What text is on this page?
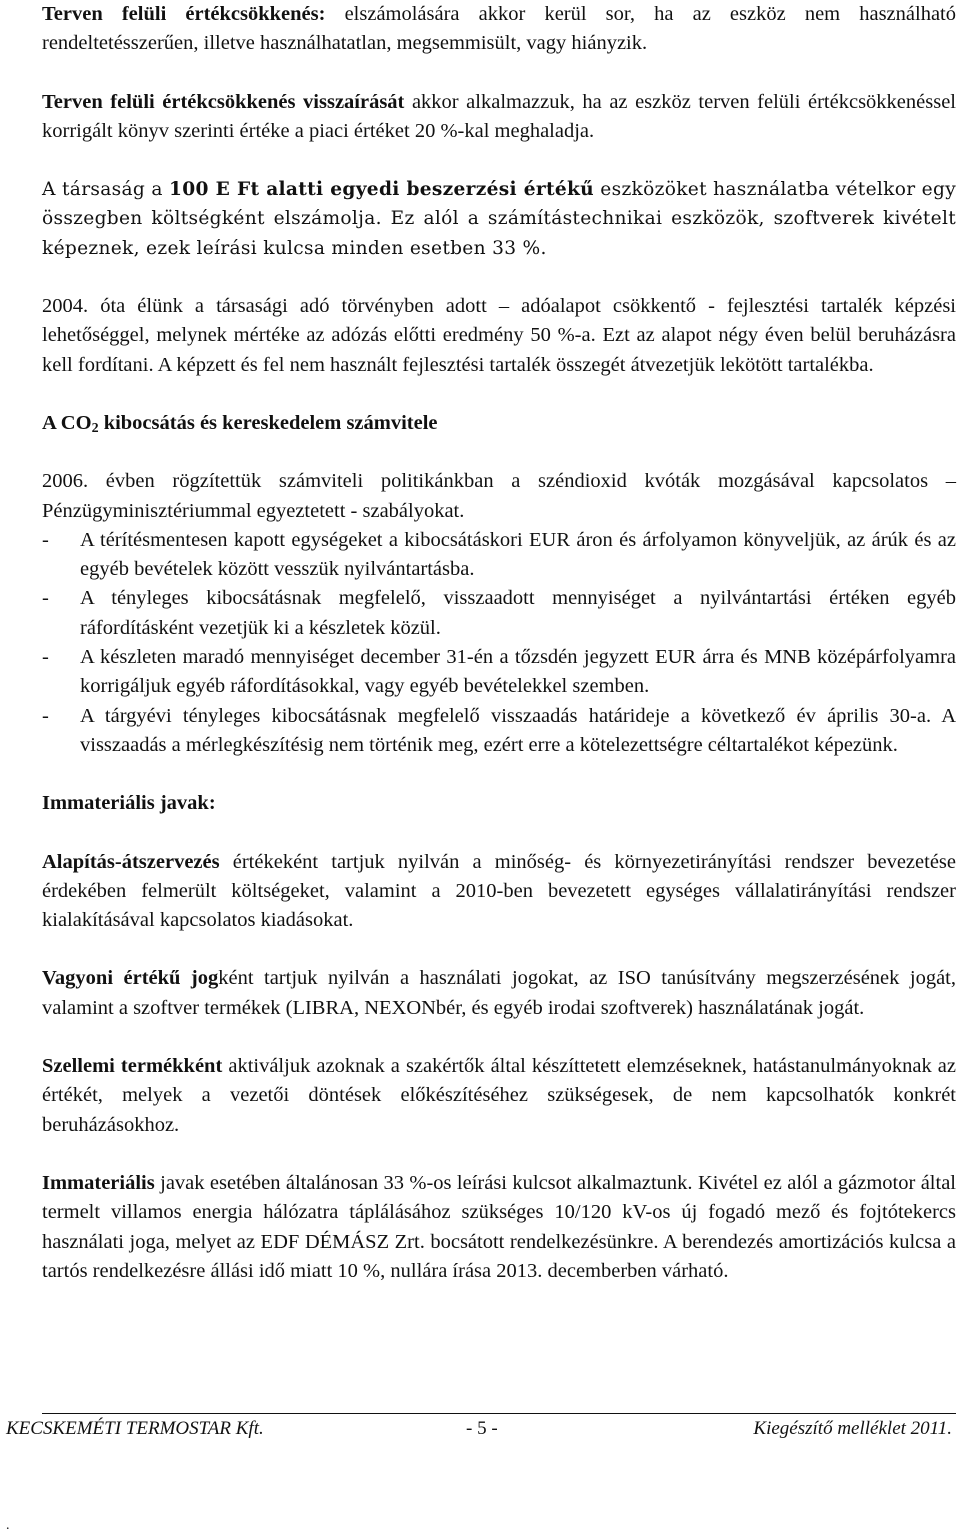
Terven felüli értékcsökkenés: elszámolására akkor kerül sor, ha az eszköz nem használható rendeltetésszerűen, illetve használhatatlan, megsemmisült, vagy hiányzik.

Terven felüli értékcsökkenés visszaírását akkor alkalmazzuk, ha az eszköz terven felüli értékcsökkenéssel korrigált könyv szerinti értéke a piaci értéket 20 %-kal meghaladja.

A társaság a 100 E Ft alatti egyedi beszerzési értékű eszközöket használatba vételkor egy összegben költségként elszámolja. Ez alól a számítástechnikai eszközök, szoftverek kivételt képeznek, ezek leírási kulcsa minden esetben 33 %.

2004. óta élünk a társasági adó törvényben adott – adóalapot csökkentő - fejlesztési tartalék képzési lehetőséggel, melynek mértéke az adózás előtti eredmény 50 %-a. Ezt az alapot négy éven belül beruházásra kell fordítani. A képzett és fel nem használt fejlesztési tartalék összegét átvezetjük lekötött tartalékba.

A $CO_2$ kibocsátás és kereskedelem számvitele

2006. évben rögzítettük számviteli politikánkban a széndioxid kvóták mozgásával kapcsolatos – Pénzügyminisztériummal egyeztetett - szabályokat.

- A térítésmentesen kapott egységeket a kibocsátáskori EUR áron és árfolyamon könyveljük, az árúk és az egyéb bevételek között vesszük nyilvántartásba.
- A tényleges kibocsátásnak megfelelő, visszaadott mennyiséget a nyilvántartási értéken egyéb ráfordításként vezetjük ki a készletek közül.
- A készleten maradó mennyiséget december 31-én a tőzsdén jegyzett EUR árra és MNB középárfolyamra korrigáljuk egyéb ráfordításokkal, vagy egyéb bevételekkel szemben.
- A tárgyévi tényleges kibocsátásnak megfelelő visszaadás határideje a következő év április 30-a. A visszaadás a mérlegkészítésig nem történik meg, ezért erre a kötelezettségre céltartalékot képezünk.

Immateriális javak:

Alapítás-átszervezés értékeként tartjuk nyilván a minőség- és környezetirányítási rendszer bevezetése érdekében felmerült költségeket, valamint a 2010-ben bevezetett egységes vállalatirányítási rendszer kialakításával kapcsolatos kiadásokat.

Vagyoni értékű jogként tartjuk nyilván a használati jogokat, az ISO tanúsítvány megszerzésének jogát, valamint a szoftver termékek (LIBRA, NEXONbér, és egyéb irodai szoftverek) használatának jogát.

Szellemi termékként aktiváljuk azoknak a szakértők által készíttetett elemzéseknek, hatástanulmányoknak az értékét, melyek a vezetői döntések előkészítéséhez szükségesek, de nem kapcsolhatók konkrét beruházásokhoz.

Immateriális javak esetében általánosan 33 %-os leírási kulcsot alkalmaztunk. Kivétel ez alól a gázmotor által termelt villamos energia hálózatra táplálásához szükséges 10/120 kV-os új fogadó mező és fojtótekercs használati joga, melyet az EDF DÉMÁSZ Zrt. bocsátott rendelkezésünkre. A berendezés amortizációs kulcsa a tartós rendelkezésre állási idő miatt 10 %, nullára írása 2013. decemberben várható.

KECSKEMÉTI TERMOSTAR Kft.	- 5 -	Kiegészítő melléklet 2011.
.
